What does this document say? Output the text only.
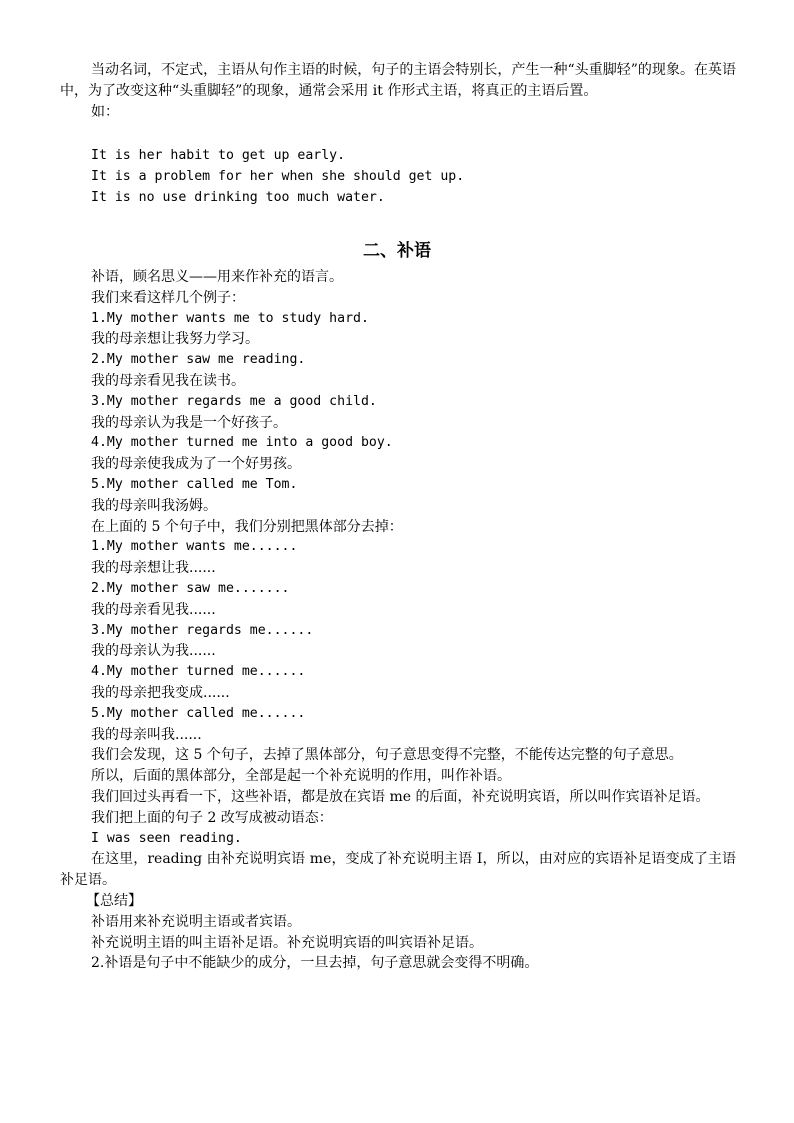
当动名词，不定式，主语从句作主语的时候，句子的主语会特别长，产生一种“头重脚轻”的现象。在英语中，为了改变这种“头重脚轻”的现象，通常会采用 it 作形式主语，将真正的主语后置。

如：

It is her habit to get up early.
It is a problem for her when she should get up.
It is no use drinking too much water.
二、补语

补语，顾名思义——用来作补充的语言。

我们来看这样几个例子：

1.My mother wants me to study hard.

我的母亲想让我努力学习。

2.My mother saw me reading.

我的母亲看见我在读书。

3.My mother regards me a good child.

我的母亲认为我是一个好孩子。

4.My mother turned me into a good boy.

我的母亲使我成为了一个好男孩。

5.My mother called me Tom.

我的母亲叫我汤姆。

在上面的 5 个句子中，我们分别把黑体部分去掉：

1.My mother wants me......

我的母亲想让我......

2.My mother saw me.......

我的母亲看见我......

3.My mother regards me......

我的母亲认为我......

4.My mother turned me......

我的母亲把我变成......

5.My mother called me......

我的母亲叫我......

我们会发现，这 5 个句子，去掉了黑体部分，句子意思变得不完整，不能传达完整的句子意思。

所以，后面的黑体部分，全部是起一个补充说明的作用，叫作补语。

我们回过头再看一下，这些补语，都是放在宾语 me 的后面，补充说明宾语，所以叫作宾语补足语。

我们把上面的句子 2 改写成被动语态：

I was seen reading.

在这里，reading 由补充说明宾语 me，变成了补充说明主语 I，所以，由对应的宾语补足语变成了主语补足语。

【总结】

补语用来补充说明主语或者宾语。

补充说明主语的叫主语补足语。补充说明宾语的叫宾语补足语。

2.补语是句子中不能缺少的成分，一旦去掉，句子意思就会变得不明确。
